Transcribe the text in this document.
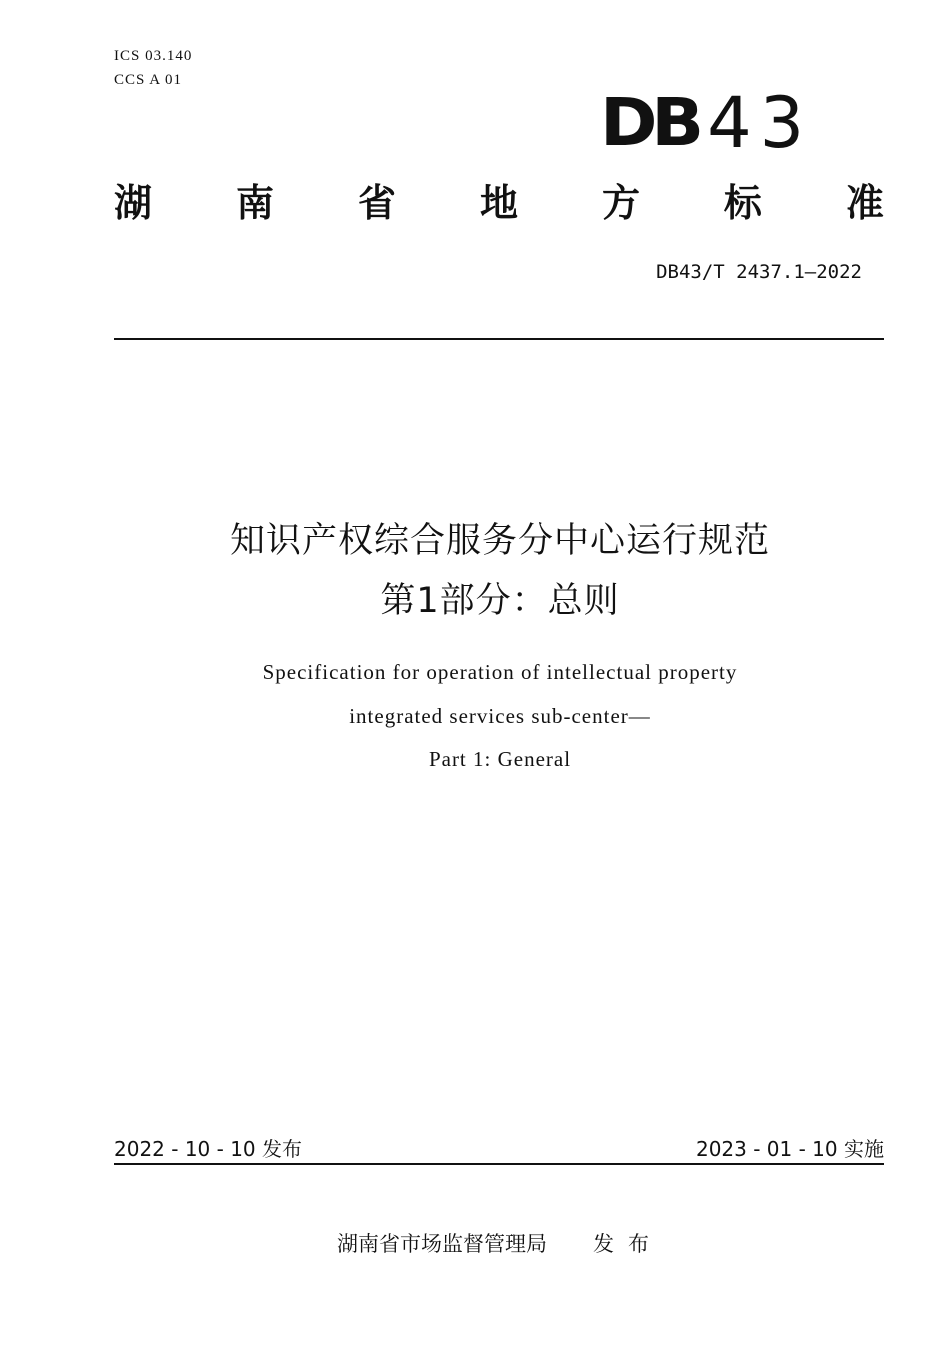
ICS 03.140
CCS A 01
DB 43
湖 南 省 地 方 标 准
DB43/T 2437.1—2022
知识产权综合服务分中心运行规范
第1部分：总则
Specification for operation of intellectual property
integrated services sub-center—
Part 1: General
2022 - 10 - 10 发布	2023 - 01 - 10 实施
湖南省市场监督管理局 发布
